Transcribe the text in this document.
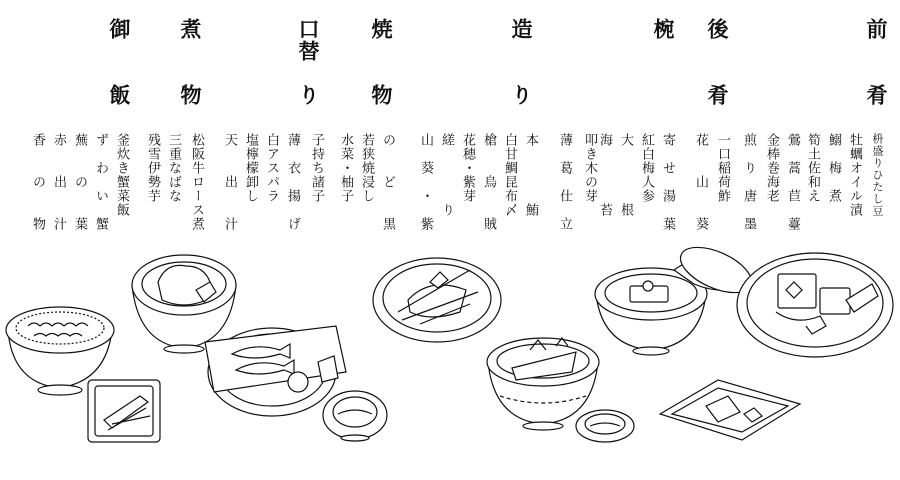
前
肴
後
肴
椀
造
り
焼
物
口替
り
煮
物
御
飯
枡盛りひたし豆
牡蠣オイル漬
鰯　梅　煮
筍土佐和え
鶯　蒿　苣　薹
金棒巻海老
煎　り　唐　墨
一口稲荷鮓
花　　山　　葵
寄　せ　湯　葉
紅白梅人参
大　　　　根
海　　　　苔
叩き木の芽
薄　葛　仕　立
本　　　　鮪
白甘鯛昆布〆
槍　　烏　　賊
花穂・紫芽
縒　　　　り
山　葵　・　紫
の　　ど　　黒
若狭焼浸し
水菜・柚子
子持ち諸子
薄　衣　揚　げ
白アスパラ
塩檸檬卸し
天　　出　　汁
松阪牛ロース煮
三重なばな
残雪伊勢芋
釜炊き蟹菜飯
ず　わ　い　蟹
蕪　　の　　葉
赤　　出　　汁
香　　の　　物
